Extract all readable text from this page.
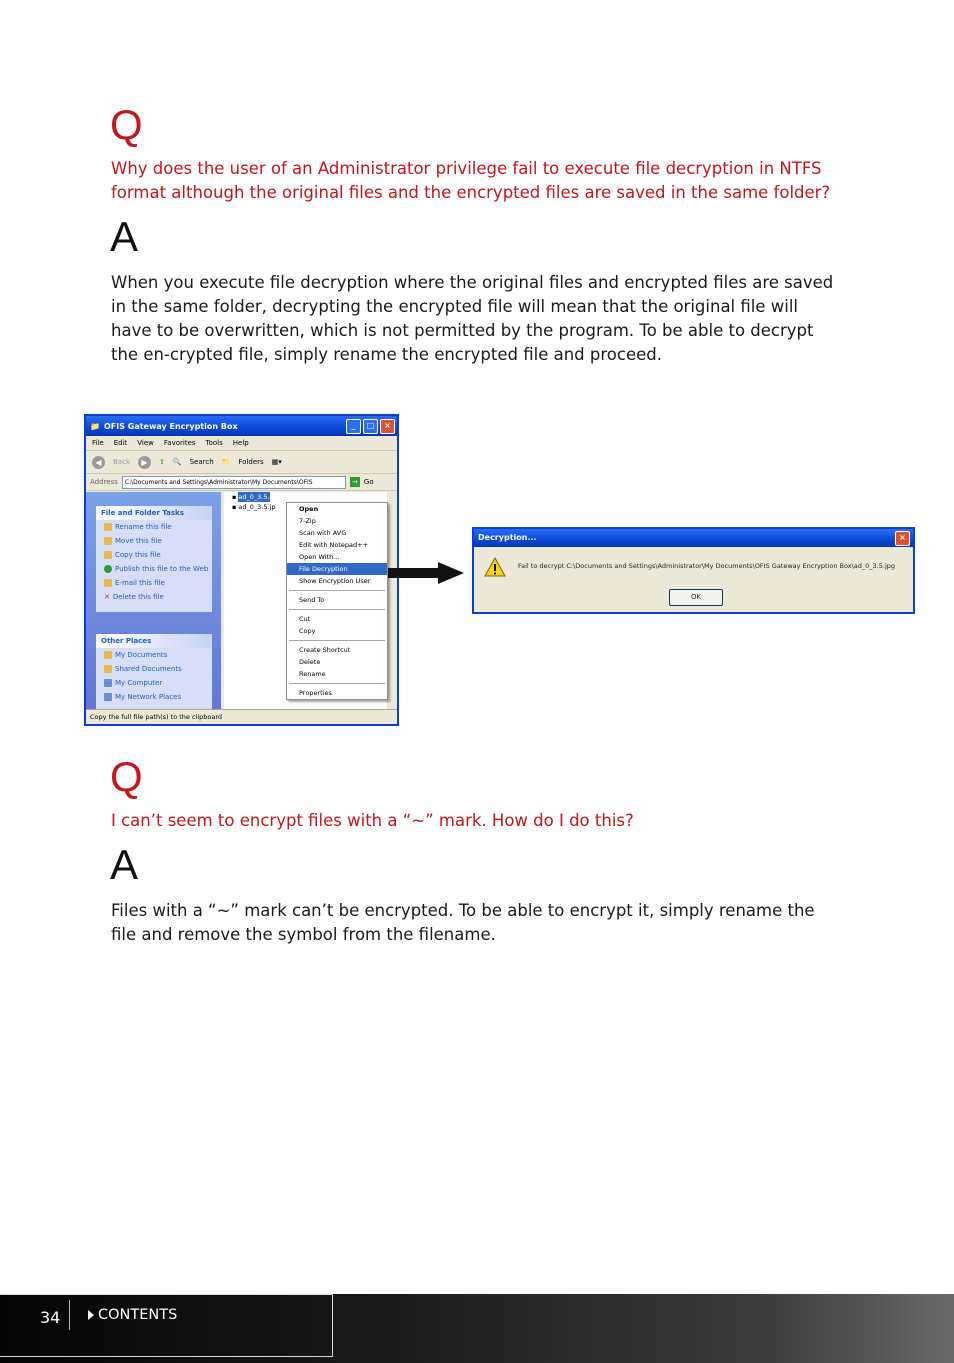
Q

Why does the user of an Administrator privilege fail to execute file decryption in NTFS format although the original files and the encrypted files are saved in the same folder?

A

When you execute file decryption where the original files and encrypted files are saved in the same folder, decrypting the encrypted file will mean that the original file will have to be overwritten, which is not permitted by the program. To be able to decrypt the en-crypted file, simply rename the encrypted file and proceed.

📁 OFIS Gateway Encryption Box	_	□	×
File Edit View Favorites Tools Help
◀	Back	▶	⇧ 🔍 Search 📁 Folders ▦▾
Address	C:\Documents and Settings\Administrator\My Documents\OFIS	→ Go
File and Folder Tasks
Rename this file
Move this file
Copy this file
Publish this file to the Web
E-mail this file
✕ Delete this file
Other Places
My Documents
Shared Documents
My Computer
My Network Places
▪ ad_0_3.5.
▪ ad_0_3.5.jp	Open
7-Zip
Scan with AVG
Edit with Notepad++
Open With...
File Decryption
Show Encryption User
Send To
Cut
Copy
Create Shortcut
Delete
Rename
Properties
Copy the full file path(s) to the clipboard
Decryption...	×
Fail to decrypt C:\Documents and Settings\Administrator\My Documents\OFIS Gateway Encryption Box\ad_0_3.5.jpg
OK
Q

I can’t seem to encrypt files with a “~” mark. How do I do this?

A

Files with a “~” mark can’t be encrypted. To be able to encrypt it, simply rename the file and remove the symbol from the filename.

34	CONTENTS
